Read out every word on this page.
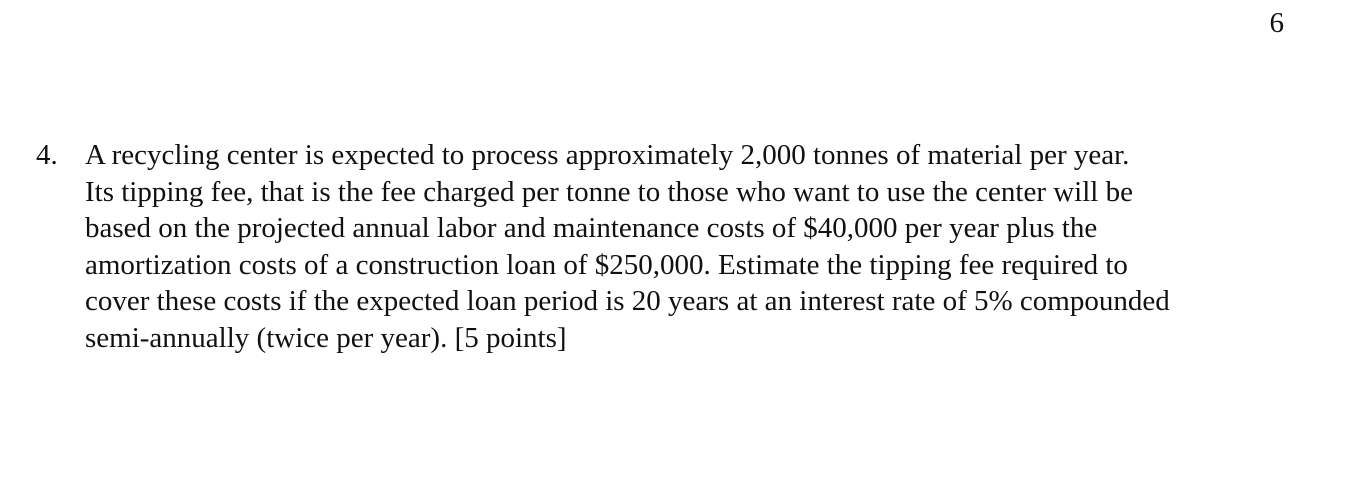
6
4. A recycling center is expected to process approximately 2,000 tonnes of material per year.
Its tipping fee, that is the fee charged per tonne to those who want to use the center will be
based on the projected annual labor and maintenance costs of $40,000 per year plus the
amortization costs of a construction loan of $250,000. Estimate the tipping fee required to
cover these costs if the expected loan period is 20 years at an interest rate of 5% compounded
semi-annually (twice per year). [5 points]
